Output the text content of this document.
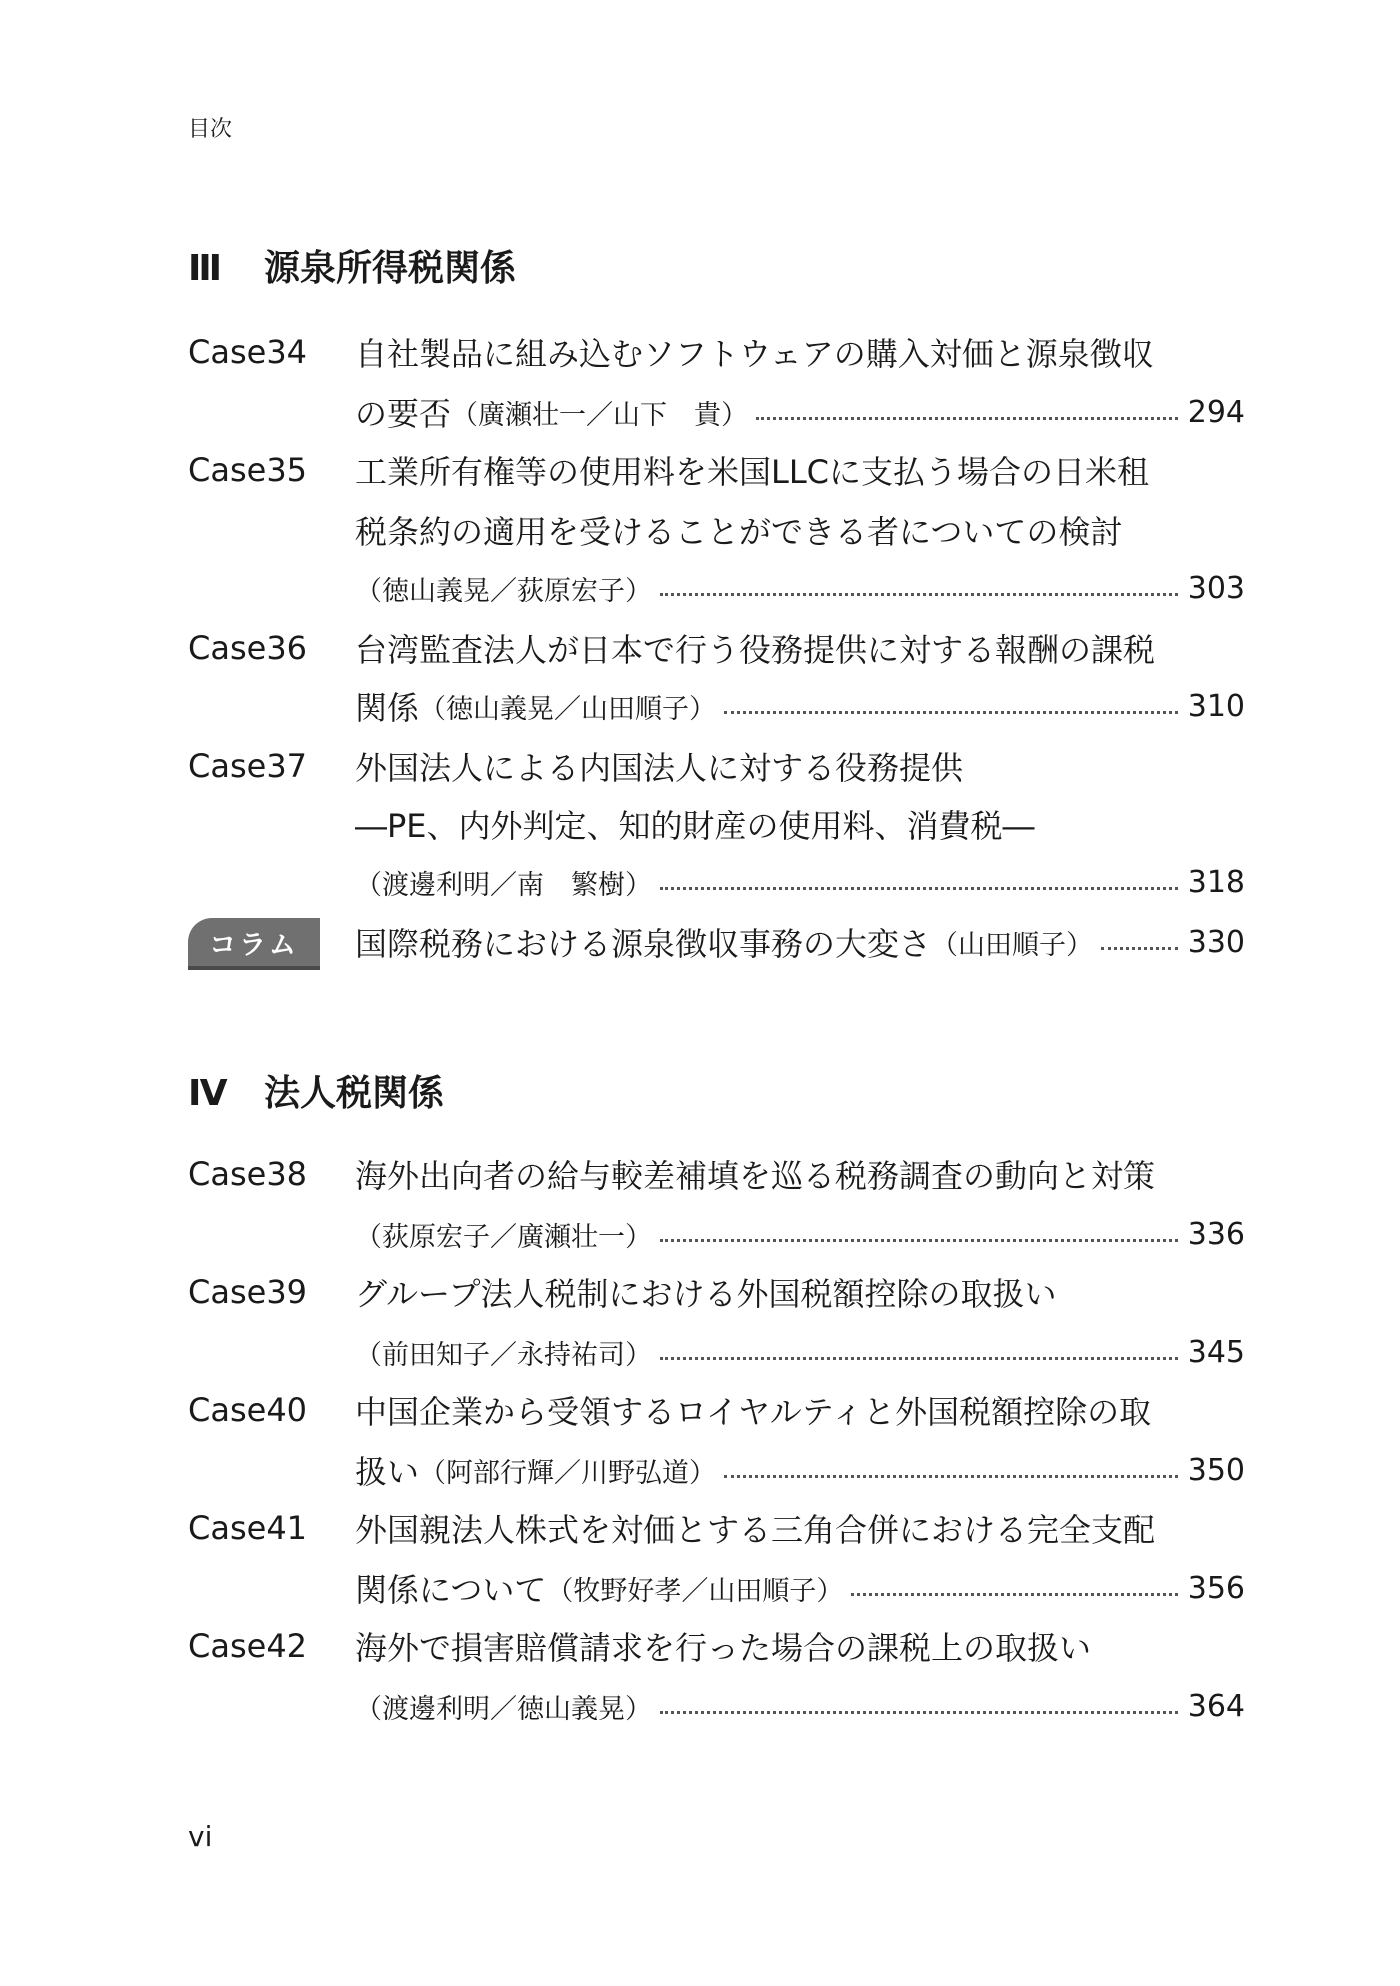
目次
Ⅲ 源泉所得税関係
Case34 自社製品に組み込むソフトウェアの購入対価と源泉徴収
の要否 （廣瀬壮一／山下　貴）	294
Case35 工業所有権等の使用料を米国LLCに支払う場合の日米租
税条約の適用を受けることができる者についての検討
（徳山義晃／荻原宏子）	303
Case36 台湾監査法人が日本で行う役務提供に対する報酬の課税
関係 （徳山義晃／山田順子）	310
Case37 外国法人による内国法人に対する役務提供
―PE、内外判定、知的財産の使用料、消費税―
（渡邊利明／南　繁樹）	318
コラム	国際税務における源泉徴収事務の大変さ （山田順子）	330
Ⅳ 法人税関係
Case38 海外出向者の給与較差補填を巡る税務調査の動向と対策
（荻原宏子／廣瀬壮一）	336
Case39 グループ法人税制における外国税額控除の取扱い
（前田知子／永持祐司）	345
Case40 中国企業から受領するロイヤルティと外国税額控除の取
扱い （阿部行輝／川野弘道）	350
Case41 外国親法人株式を対価とする三角合併における完全支配
関係について （牧野好孝／山田順子）	356
Case42 海外で損害賠償請求を行った場合の課税上の取扱い
（渡邊利明／徳山義晃）	364
vi
